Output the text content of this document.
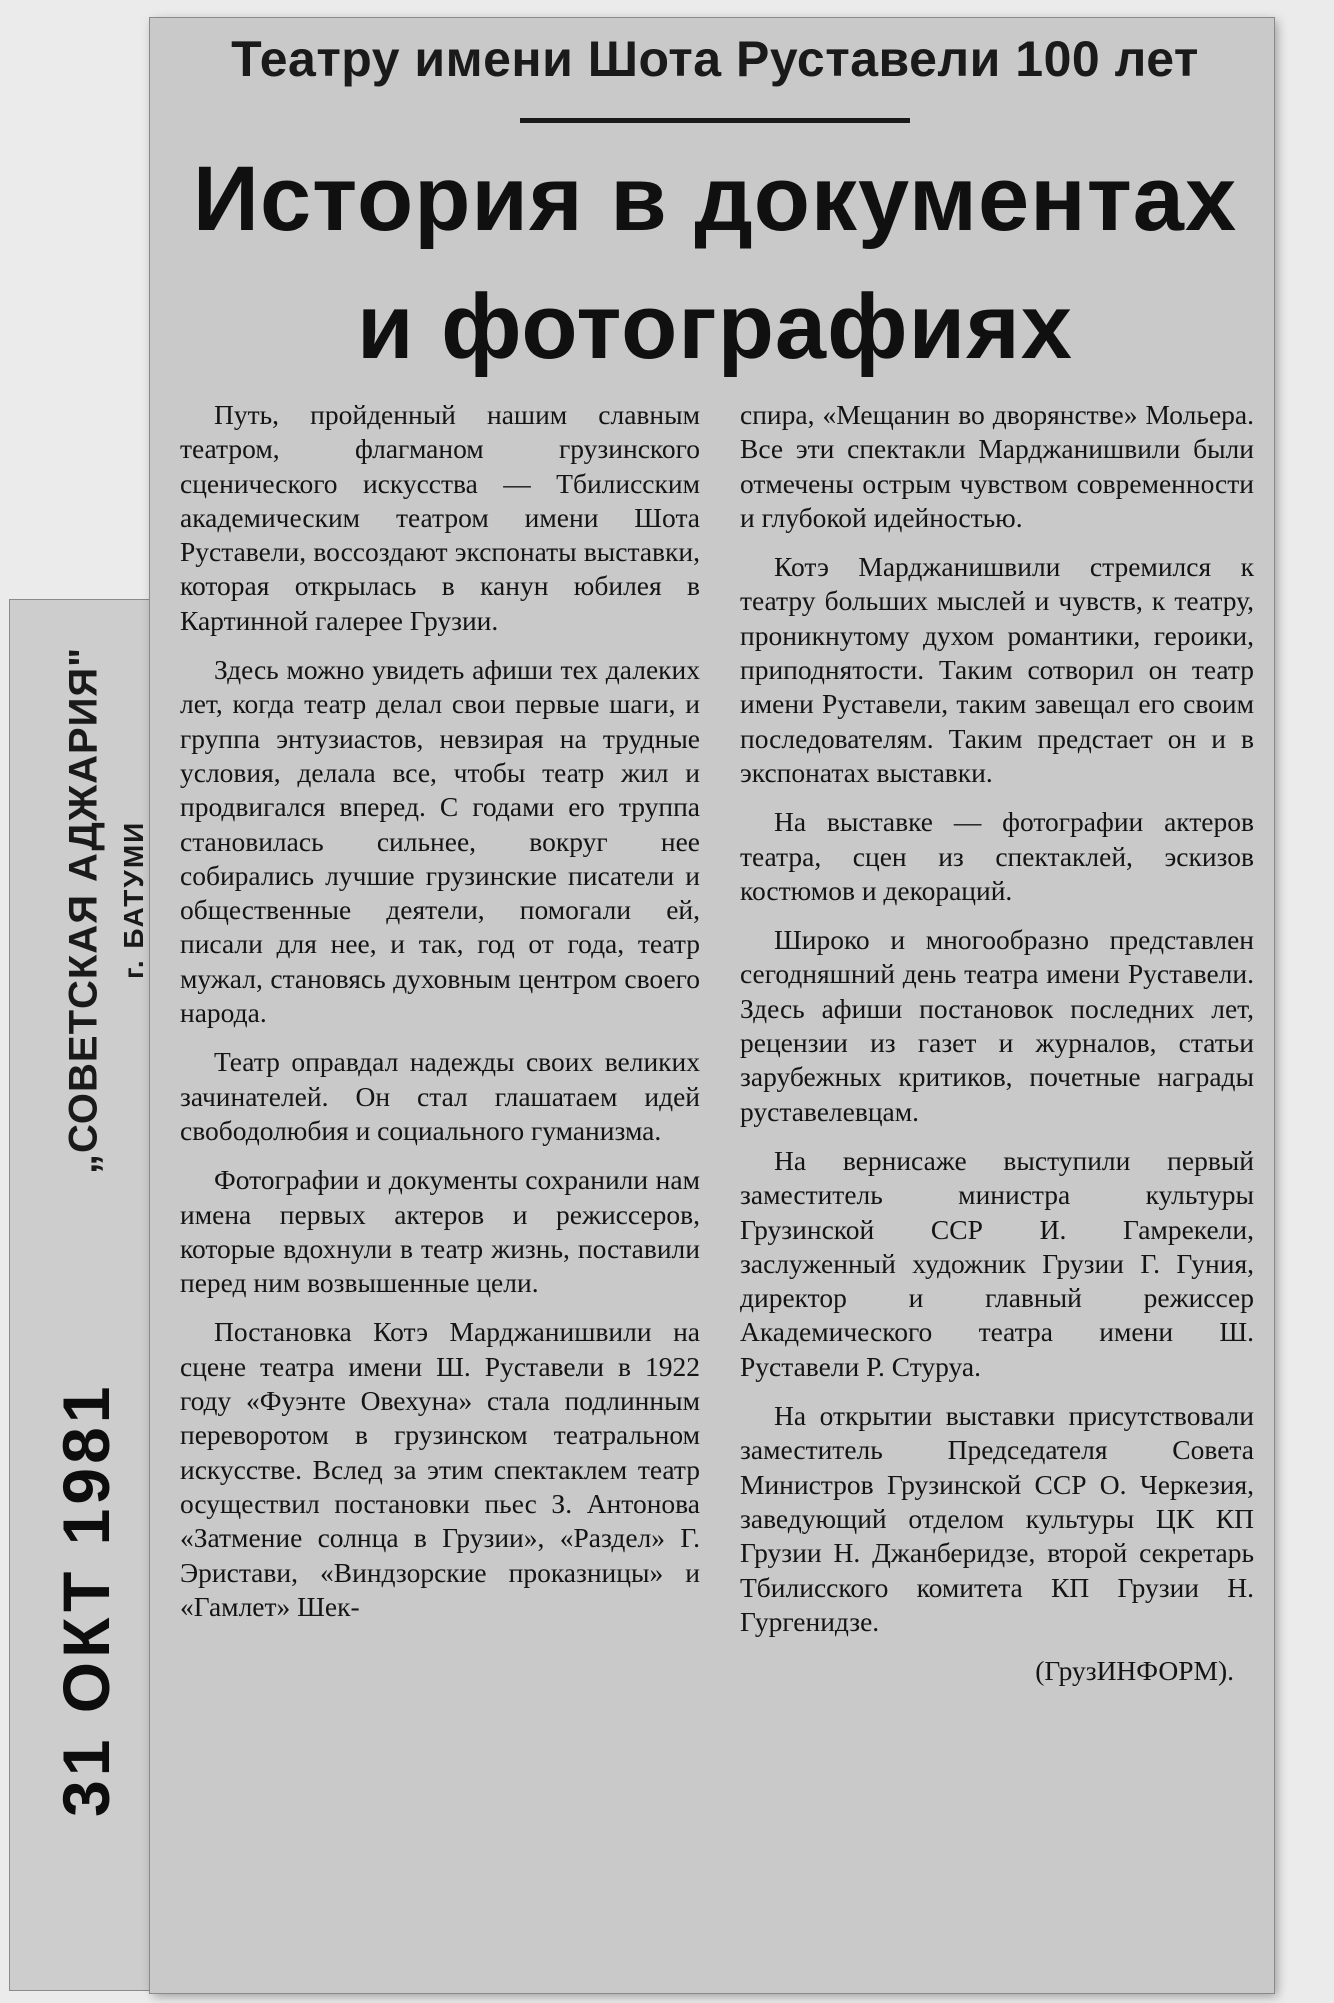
„СОВЕТСКАЯ АДЖАРИЯ" г. БАТУМИ
31 ОКТ 1981
Театру имени Шота Руставели 100 лет
История в документах и фотографиях

Путь, пройденный нашим славным театром, флагманом грузинского сценического искусства — Тбилисским академическим театром имени Шота Руставели, воссоздают экспонаты выставки, которая открылась в канун юбилея в Картинной галерее Грузии.

Здесь можно увидеть афиши тех далеких лет, когда театр делал свои первые шаги, и группа энтузиастов, невзирая на трудные условия, делала все, чтобы театр жил и продвигался вперед. С годами его труппа становилась сильнее, вокруг нее собирались лучшие грузинские писатели и общественные деятели, помогали ей, писали для нее, и так, год от года, театр мужал, становясь духовным центром своего народа.

Театр оправдал надежды своих великих зачинателей. Он стал глашатаем идей свободолюбия и социального гуманизма.

Фотографии и документы сохранили нам имена первых актеров и режиссеров, которые вдохнули в театр жизнь, поставили перед ним возвышенные цели.

Постановка Котэ Марджанишвили на сцене театра имени Ш. Руставели в 1922 году «Фуэнте Овехуна» стала подлинным переворотом в грузинском театральном искусстве. Вслед за этим спектаклем театр осуществил постановки пьес З. Антонова «Затмение солнца в Грузии», «Раздел» Г. Эристави, «Виндзорские проказницы» и «Гамлет» Шек-

спира, «Мещанин во дворянстве» Мольера. Все эти спектакли Марджанишвили были отмечены острым чувством современности и глубокой идейностью.

Котэ Марджанишвили стремился к театру больших мыслей и чувств, к театру, проникнутому духом романтики, героики, приподнятости. Таким сотворил он театр имени Руставели, таким завещал его своим последователям. Таким предстает он и в экспонатах выставки.

На выставке — фотографии актеров театра, сцен из спектаклей, эскизов костюмов и декораций.

Широко и многообразно представлен сегодняшний день театра имени Руставели. Здесь афиши постановок последних лет, рецензии из газет и журналов, статьи зарубежных критиков, почетные награды руставелевцам.

На вернисаже выступили первый заместитель министра культуры Грузинской ССР И. Гамрекели, заслуженный художник Грузии Г. Гуния, директор и главный режиссер Академического театра имени Ш. Руставели Р. Стуруа.

На открытии выставки присутствовали заместитель Председателя Совета Министров Грузинской ССР О. Черкезия, заведующий отделом культуры ЦК КП Грузии Н. Джанберидзе, второй секретарь Тбилисского комитета КП Грузии Н. Гургенидзе.

(ГрузИНФОРМ).
